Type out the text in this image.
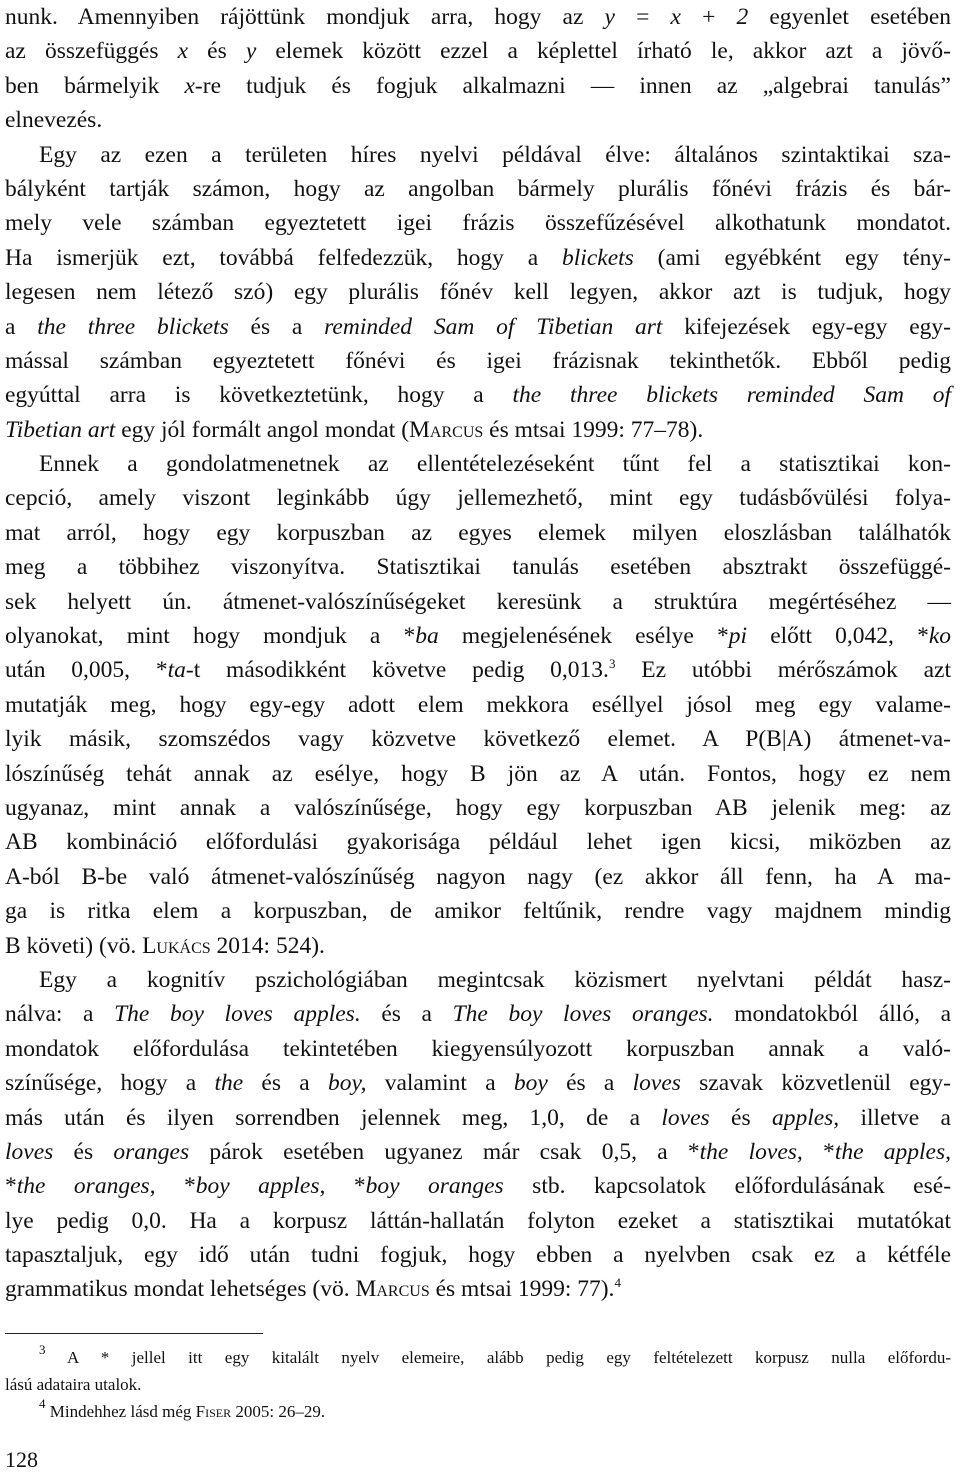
nunk. Amennyiben rájöttünk mondjuk arra, hogy az y = x + 2 egyenlet esetében
az összefüggés x és y elemek között ezzel a képlettel írható le, akkor azt a jövő-
ben bármelyik x-re tudjuk és fogjuk alkalmazni — innen az „algebrai tanulás”
elnevezés.
Egy az ezen a területen híres nyelvi példával élve: általános szintaktikai sza-
bályként tartják számon, hogy az angolban bármely plurális főnévi frázis és bár-
mely vele számban egyeztetett igei frázis összefűzésével alkothatunk mondatot.
Ha ismerjük ezt, továbbá felfedezzük, hogy a blickets (ami egyébként egy tény-
legesen nem létező szó) egy plurális főnév kell legyen, akkor azt is tudjuk, hogy
a the three blickets és a reminded Sam of Tibetian art kifejezések egy-egy egy-
mással számban egyeztetett főnévi és igei frázisnak tekinthetők. Ebből pedig
egyúttal arra is következtetünk, hogy a the three blickets reminded Sam of
Tibetian art egy jól formált angol mondat (Marcus és mtsai 1999: 77–78).
Ennek a gondolatmenetnek az ellentételezéseként tűnt fel a statisztikai kon-
cepció, amely viszont leginkább úgy jellemezhető, mint egy tudásbővülési folya-
mat arról, hogy egy korpuszban az egyes elemek milyen eloszlásban találhatók
meg a többihez viszonyítva. Statisztikai tanulás esetében absztrakt összefüggé-
sek helyett ún. átmenet-valószínűségeket keresünk a struktúra megértéséhez —
olyanokat, mint hogy mondjuk a *ba megjelenésének esélye *pi előtt 0,042, *ko
után 0,005, *ta-t másodikként követve pedig 0,013.$^3$ Ez utóbbi mérőszámok azt
mutatják meg, hogy egy-egy adott elem mekkora eséllyel jósol meg egy valame-
lyik másik, szomszédos vagy közvetve következő elemet. A P(B|A) átmenet-va-
lószínűség tehát annak az esélye, hogy B jön az A után. Fontos, hogy ez nem
ugyanaz, mint annak a valószínűsége, hogy egy korpuszban AB jelenik meg: az
AB kombináció előfordulási gyakorisága például lehet igen kicsi, miközben az
A-ból B-be való átmenet-valószínűség nagyon nagy (ez akkor áll fenn, ha A ma-
ga is ritka elem a korpuszban, de amikor feltűnik, rendre vagy majdnem mindig
B követi) (vö. Lukács 2014: 524).
Egy a kognitív pszichológiában megintcsak közismert nyelvtani példát hasz-
nálva: a The boy loves apples. és a The boy loves oranges. mondatokból álló, a
mondatok előfordulása tekintetében kiegyensúlyozott korpuszban annak a való-
színűsége, hogy a the és a boy, valamint a boy és a loves szavak közvetlenül egy-
más után és ilyen sorrendben jelennek meg, 1,0, de a loves és apples, illetve a
loves és oranges párok esetében ugyanez már csak 0,5, a *the loves, *the apples,
*the oranges, *boy apples, *boy oranges stb. kapcsolatok előfordulásának esé-
lye pedig 0,0. Ha a korpusz láttán-hallatán folyton ezeket a statisztikai mutatókat
tapasztaljuk, egy idő után tudni fogjuk, hogy ebben a nyelvben csak ez a kétféle
grammatikus mondat lehetséges (vö. Marcus és mtsai 1999: 77).$^4$
$^3$ A * jellel itt egy kitalált nyelv elemeire, alább pedig egy feltételezett korpusz nulla előfordu-
lású adataira utalok.
$^4$ Mindehhez lásd még Fiser 2005: 26–29.
128
